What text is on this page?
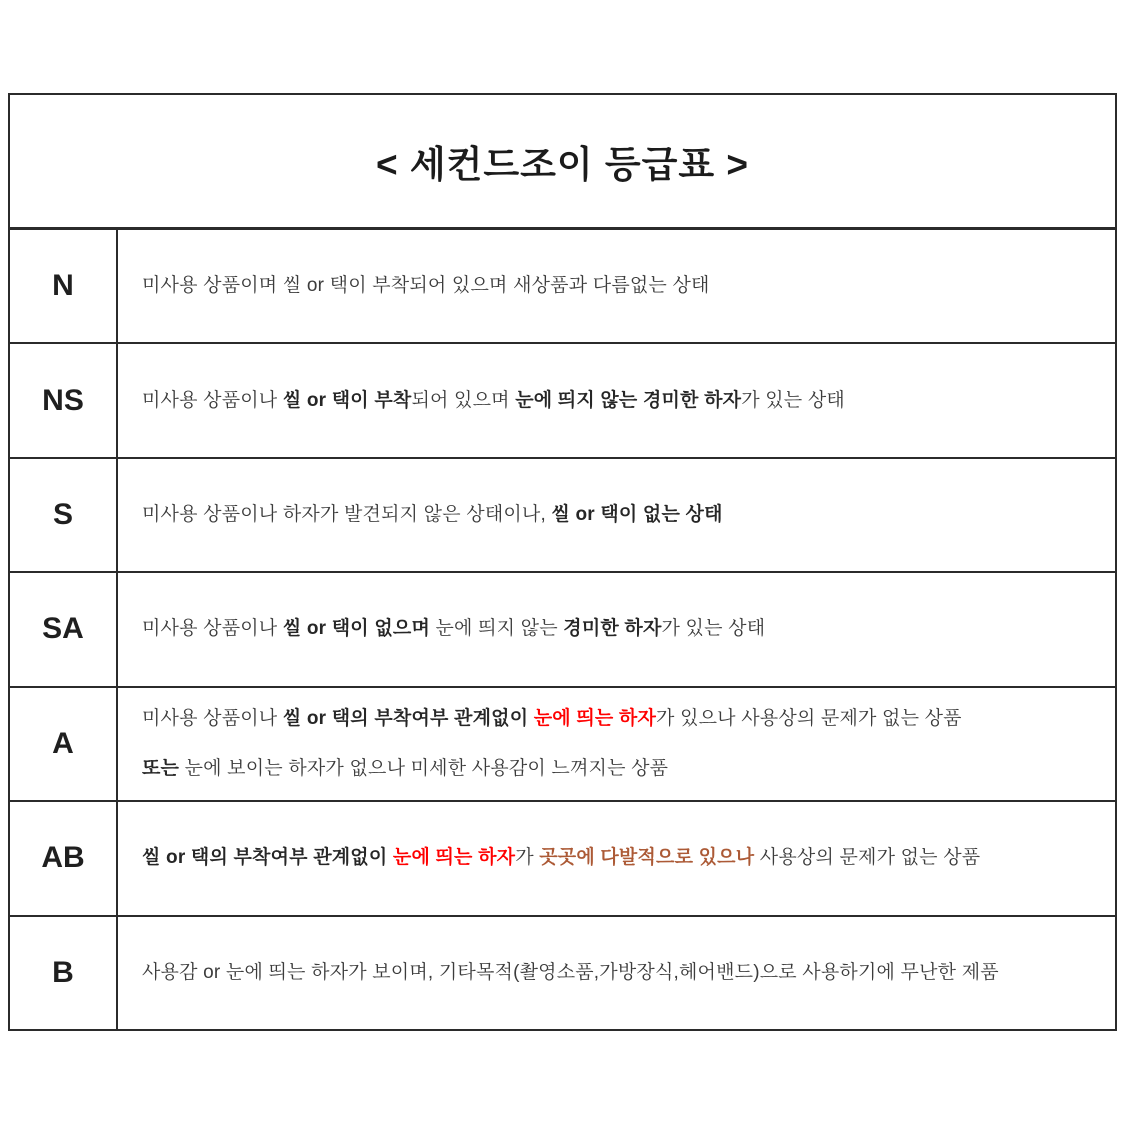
< 세컨드조이 등급표 >
N	미사용 상품이며 씰 or 택이 부착되어 있으며 새상품과 다름없는 상태
NS	미사용 상품이나 씰 or 택이 부착되어 있으며 눈에 띄지 않는 경미한 하자가 있는 상태
S	미사용 상품이나 하자가 발견되지 않은 상태이나, 씰 or 택이 없는 상태
SA	미사용 상품이나 씰 or 택이 없으며 눈에 띄지 않는 경미한 하자가 있는 상태
A
미사용 상품이나 씰 or 택의 부착여부 관계없이 눈에 띄는 하자가 있으나 사용상의 문제가 없는 상품
또는 눈에 보이는 하자가 없으나 미세한 사용감이 느껴지는 상품
AB	씰 or 택의 부착여부 관계없이 눈에 띄는 하자가 곳곳에 다발적으로 있으나 사용상의 문제가 없는 상품
B	사용감 or 눈에 띄는 하자가 보이며, 기타목적(촬영소품,가방장식,헤어밴드)으로 사용하기에 무난한 제품
